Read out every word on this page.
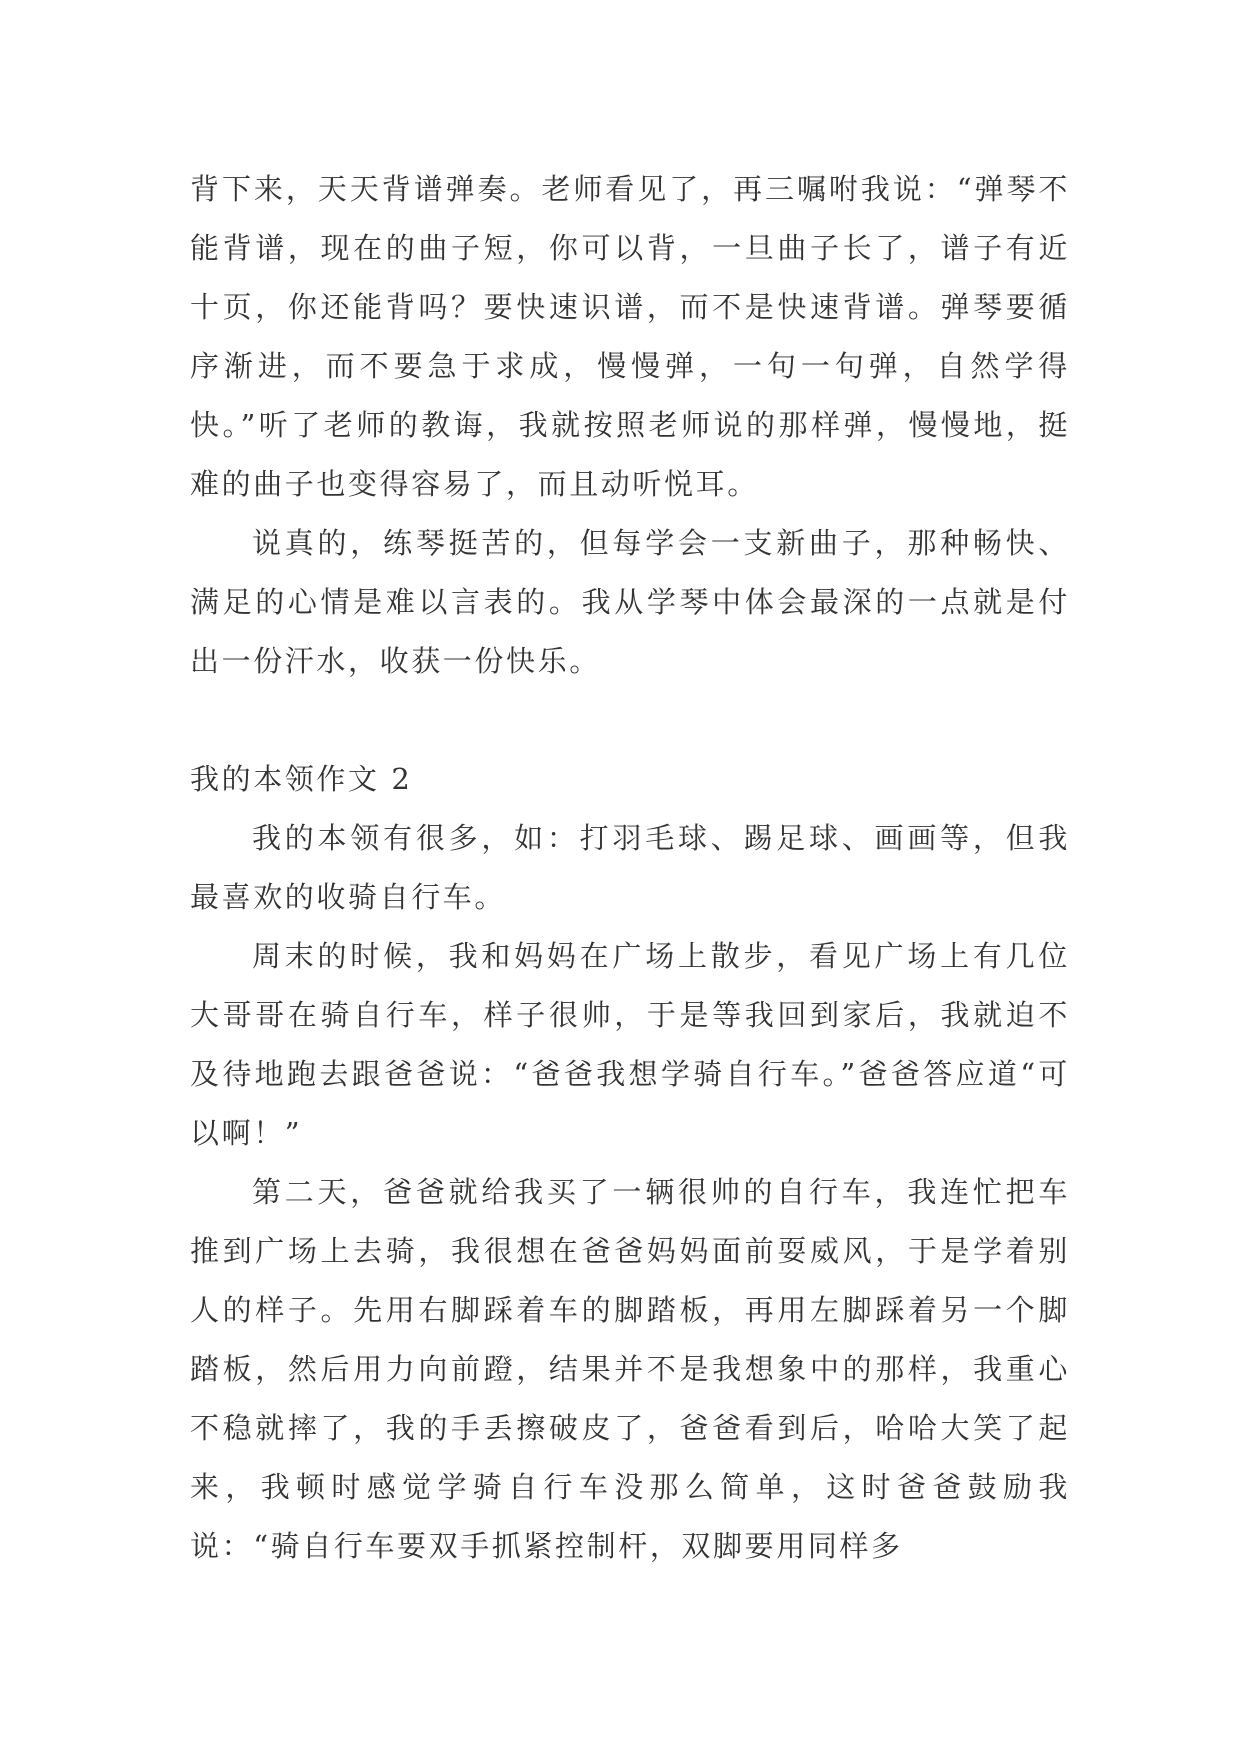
背下来，天天背谱弹奏。老师看见了，再三嘱咐我说：“弹琴不能背谱，现在的曲子短，你可以背，一旦曲子长了，谱子有近十页，你还能背吗？要快速识谱，而不是快速背谱。弹琴要循序渐进，而不要急于求成，慢慢弹，一句一句弹，自然学得快。”听了老师的教诲，我就按照老师说的那样弹，慢慢地，挺难的曲子也变得容易了，而且动听悦耳。

说真的，练琴挺苦的，但每学会一支新曲子，那种畅快、满足的心情是难以言表的。我从学琴中体会最深的一点就是付出一份汗水，收获一份快乐。

我的本领作文 2

我的本领有很多，如：打羽毛球、踢足球、画画等，但我最喜欢的收骑自行车。

周末的时候，我和妈妈在广场上散步，看见广场上有几位大哥哥在骑自行车，样子很帅，于是等我回到家后，我就迫不及待地跑去跟爸爸说：“爸爸我想学骑自行车。”爸爸答应道“可以啊！”

第二天，爸爸就给我买了一辆很帅的自行车，我连忙把车推到广场上去骑，我很想在爸爸妈妈面前耍威风，于是学着别人的样子。先用右脚踩着车的脚踏板，再用左脚踩着另一个脚踏板，然后用力向前蹬，结果并不是我想象中的那样，我重心不稳就摔了，我的手丢擦破皮了，爸爸看到后，哈哈大笑了起来，我顿时感觉学骑自行车没那么简单，这时爸爸鼓励我说：“骑自行车要双手抓紧控制杆，双脚要用同样多
